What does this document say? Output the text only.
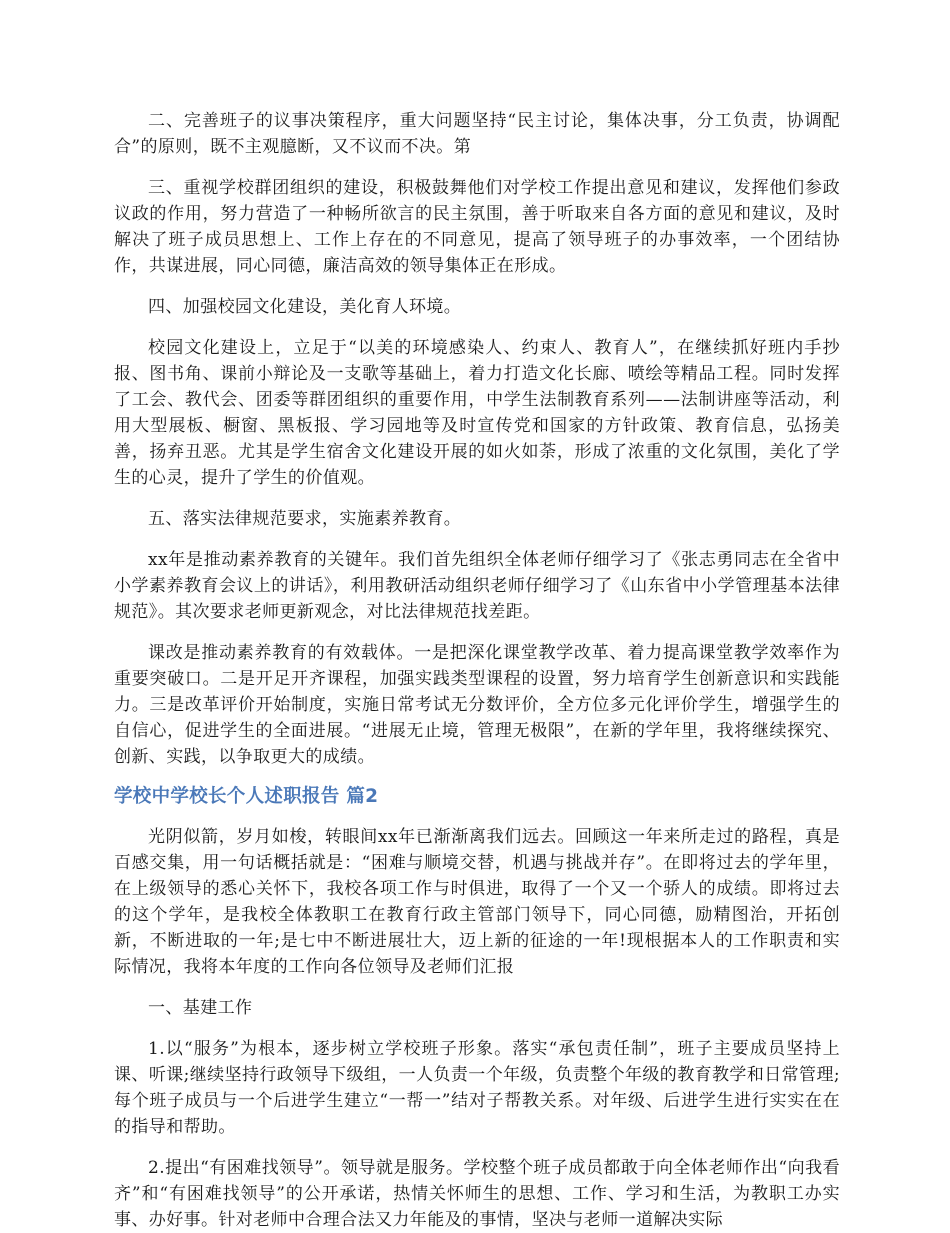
二、完善班子的议事决策程序，重大问题坚持“民主讨论，集体决事，分工负责，协调配合”的原则，既不主观臆断，又不议而不决。第

三、重视学校群团组织的建设，积极鼓舞他们对学校工作提出意见和建议，发挥他们参政议政的作用，努力营造了一种畅所欲言的民主氛围，善于听取来自各方面的意见和建议，及时解决了班子成员思想上、工作上存在的不同意见，提高了领导班子的办事效率，一个团结协作，共谋进展，同心同德，廉洁高效的领导集体正在形成。

四、加强校园文化建设，美化育人环境。

校园文化建设上，立足于“以美的环境感染人、约束人、教育人”，在继续抓好班内手抄报、图书角、课前小辩论及一支歌等基础上，着力打造文化长廊、喷绘等精品工程。同时发挥了工会、教代会、团委等群团组织的重要作用，中学生法制教育系列——法制讲座等活动，利用大型展板、橱窗、黑板报、学习园地等及时宣传党和国家的方针政策、教育信息，弘扬美善，扬弃丑恶。尤其是学生宿舍文化建设开展的如火如荼，形成了浓重的文化氛围，美化了学生的心灵，提升了学生的价值观。

五、落实法律规范要求，实施素养教育。

xx年是推动素养教育的关键年。我们首先组织全体老师仔细学习了《张志勇同志在全省中小学素养教育会议上的讲话》，利用教研活动组织老师仔细学习了《山东省中小学管理基本法律规范》。其次要求老师更新观念，对比法律规范找差距。

课改是推动素养教育的有效载体。一是把深化课堂教学改革、着力提高课堂教学效率作为重要突破口。二是开足开齐课程，加强实践类型课程的设置，努力培育学生创新意识和实践能力。三是改革评价开始制度，实施日常考试无分数评价，全方位多元化评价学生，增强学生的自信心，促进学生的全面进展。“进展无止境，管理无极限”，在新的学年里，我将继续探究、创新、实践，以争取更大的成绩。

学校中学校长个人述职报告 篇2

光阴似箭，岁月如梭，转眼间xx年已渐渐离我们远去。回顾这一年来所走过的路程，真是百感交集，用一句话概括就是：“困难与顺境交替，机遇与挑战并存”。在即将过去的学年里，在上级领导的悉心关怀下，我校各项工作与时俱进，取得了一个又一个骄人的成绩。即将过去的这个学年，是我校全体教职工在教育行政主管部门领导下，同心同德，励精图治，开拓创新，不断进取的一年;是七中不断进展壮大，迈上新的征途的一年!现根据本人的工作职责和实际情况，我将本年度的工作向各位领导及老师们汇报

一、基建工作

1.以“服务”为根本，逐步树立学校班子形象。落实“承包责任制”，班子主要成员坚持上课、听课;继续坚持行政领导下级组，一人负责一个年级，负责整个年级的教育教学和日常管理;每个班子成员与一个后进学生建立“一帮一”结对子帮教关系。对年级、后进学生进行实实在在的指导和帮助。

2.提出“有困难找领导”。领导就是服务。学校整个班子成员都敢于向全体老师作出“向我看齐”和“有困难找领导”的公开承诺，热情关怀师生的思想、工作、学习和生活，为教职工办实事、办好事。针对老师中合理合法又力年能及的事情，坚决与老师一道解决实际
